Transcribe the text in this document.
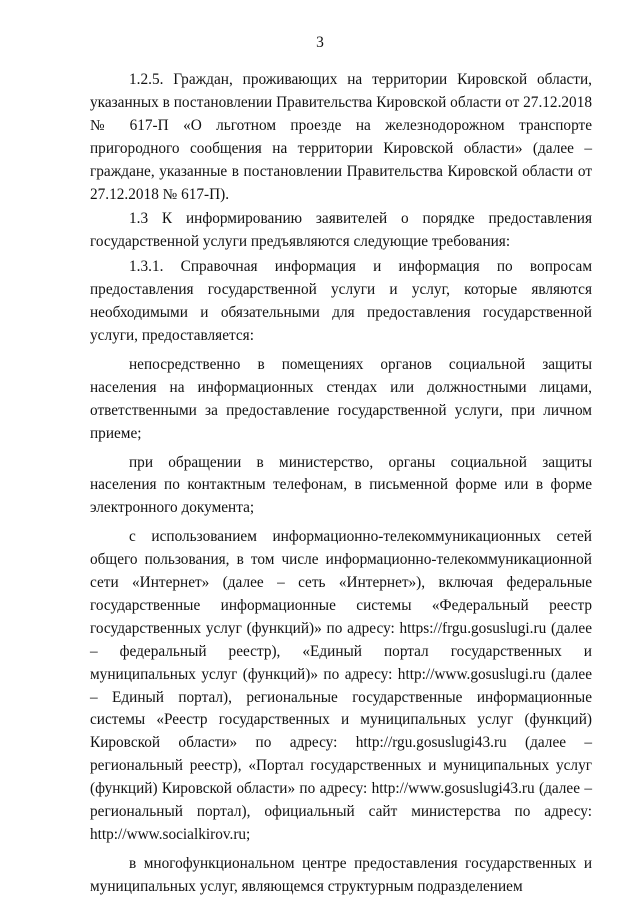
3

1.2.5. Граждан, проживающих на территории Кировской области, указанных в постановлении Правительства Кировской области от 27.12.2018 № 617-П «О льготном проезде на железнодорожном транспорте пригородного сообщения на территории Кировской области» (далее – граждане, указанные в постановлении Правительства Кировской области от 27.12.2018 № 617-П).

1.3 К информированию заявителей о порядке предоставления государственной услуги предъявляются следующие требования:

1.3.1. Справочная информация и информация по вопросам предоставления государственной услуги и услуг, которые являются необходимыми и обязательными для предоставления государственной услуги, предоставляется:

непосредственно в помещениях органов социальной защиты населения на информационных стендах или должностными лицами, ответственными за предоставление государственной услуги, при личном приеме;

при обращении в министерство, органы социальной защиты населения по контактным телефонам, в письменной форме или в форме электронного документа;

с использованием информационно-телекоммуникационных сетей общего пользования, в том числе информационно-телекоммуникационной сети «Интернет» (далее – сеть «Интернет»), включая федеральные государственные информационные системы «Федеральный реестр государственных услуг (функций)» по адресу: https://frgu.gosuslugi.ru (далее – федеральный реестр), «Единый портал государственных и муниципальных услуг (функций)» по адресу: http://www.gosuslugi.ru (далее – Единый портал), региональные государственные информационные системы «Реестр государственных и муниципальных услуг (функций) Кировской области» по адресу: http://rgu.gosuslugi43.ru (далее – региональный реестр), «Портал государственных и муниципальных услуг (функций) Кировской области» по адресу: http://www.gosuslugi43.ru (далее – региональный портал), официальный сайт министерства по адресу: http://www.socialkirov.ru;

в многофункциональном центре предоставления государственных и муниципальных услуг, являющемся структурным подразделением
